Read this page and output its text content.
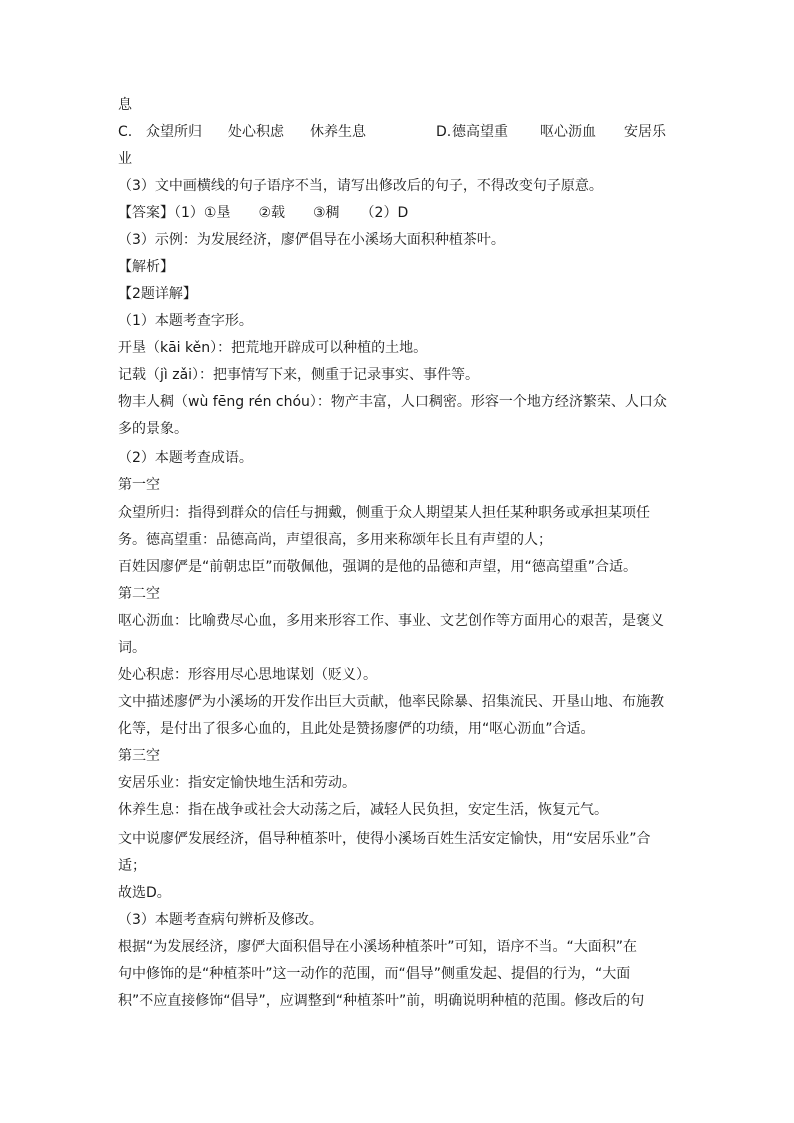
息
C. 众望所归	处心积虑	休养生息	D. 德高望重	呕心沥血	安居乐
业
（3）文中画横线的句子语序不当，请写出修改后的句子，不得改变句子原意。
【答案】（1）①垦　　②载　　③稠　　（2）D
（3）示例：为发展经济，廖俨倡导在小溪场大面积种植茶叶。
【解析】
【2题详解】
（1）本题考查字形。
开垦（kāi kěn）：把荒地开辟成可以种植的土地。
记载（jì zǎi）：把事情写下来，侧重于记录事实、事件等。
物丰人稠（wù fēng rén chóu）：物产丰富，人口稠密。形容一个地方经济繁荣、人口众
多的景象。
（2）本题考查成语。
第一空
众望所归：指得到群众的信任与拥戴，侧重于众人期望某人担任某种职务或承担某项任
务。德高望重：品德高尚，声望很高，多用来称颂年长且有声望的人；
百姓因廖俨是“前朝忠臣”而敬佩他，强调的是他的品德和声望，用“德高望重”合适。
第二空
呕心沥血：比喻费尽心血，多用来形容工作、事业、文艺创作等方面用心的艰苦，是褒义
词。
处心积虑：形容用尽心思地谋划（贬义）。
文中描述廖俨为小溪场的开发作出巨大贡献，他率民除暴、招集流民、开垦山地、布施教
化等，是付出了很多心血的，且此处是赞扬廖俨的功绩，用“呕心沥血”合适。
第三空
安居乐业：指安定愉快地生活和劳动。
休养生息：指在战争或社会大动荡之后，减轻人民负担，安定生活，恢复元气。
文中说廖俨发展经济，倡导种植茶叶，使得小溪场百姓生活安定愉快，用“安居乐业”合
适；
故选D。
（3）本题考查病句辨析及修改。
根据“为发展经济，廖俨大面积倡导在小溪场种植茶叶”可知，语序不当。“大面积”在
句中修饰的是“种植茶叶”这一动作的范围，而“倡导”侧重发起、提倡的行为，“大面
积”不应直接修饰“倡导”，应调整到“种植茶叶”前，明确说明种植的范围。修改后的句
